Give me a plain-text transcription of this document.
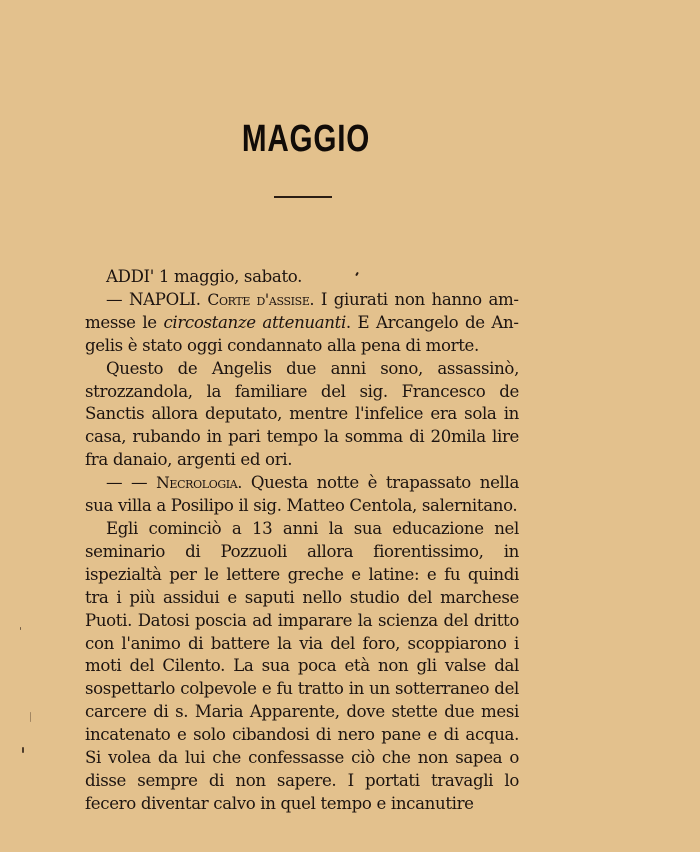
MAGGIO

ADDI' 1 maggio, sabato.

— NAPOLI. Corte d'assise. I giurati non hanno ammesse le circostanze attenuanti. E Arcangelo de Angelis è stato oggi condannato alla pena di morte.

Questo de Angelis due anni sono, assassinò, strozzandola, la familiare del sig. Francesco de Sanctis allora deputato, mentre l'infelice era sola in casa, rubando in pari tempo la somma di 20mila lire fra danaio, argenti ed ori.

— — Necrologia. Questa notte è trapassato nella sua villa a Posilipo il sig. Matteo Centola, salernitano.

Egli cominciò a 13 anni la sua educazione nel seminario di Pozzuoli allora fiorentissimo, in ispezialtà per le lettere greche e latine: e fu quindi tra i più assidui e saputi nello studio del marchese Puoti. Datosi poscia ad imparare la scienza del dritto con l'animo di battere la via del foro, scoppiarono i moti del Cilento. La sua poca età non gli valse dal sospettarlo colpevole e fu tratto in un sotterraneo del carcere di s. Maria Apparente, dove stette due mesi incatenato e solo cibandosi di nero pane e di acqua. Si volea da lui che confessasse ciò che non sapea o disse sempre di non sapere. I portati travagli lo fecero diventar calvo in quel tempo e incanutire
